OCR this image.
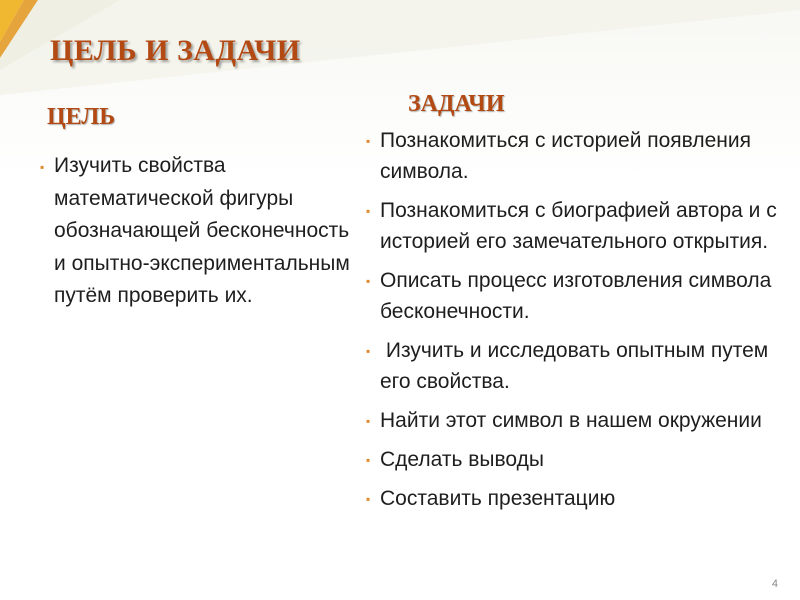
ЦЕЛЬ И ЗАДАЧИ
ЦЕЛЬ
▪ Изучить свойства математической фигуры обозначающей бесконечность и опытно-экспериментальным путём проверить их.
ЗАДАЧИ
▪ Познакомиться с историей появления символа.
▪ Познакомиться с биографией автора и с историей его замечательного открытия.
▪ Описать процесс изготовления символа бесконечности.
▪ Изучить и исследовать опытным путем  его свойства.
▪ Найти этот символ в нашем окружении
▪ Сделать выводы
▪ Составить презентацию
4
